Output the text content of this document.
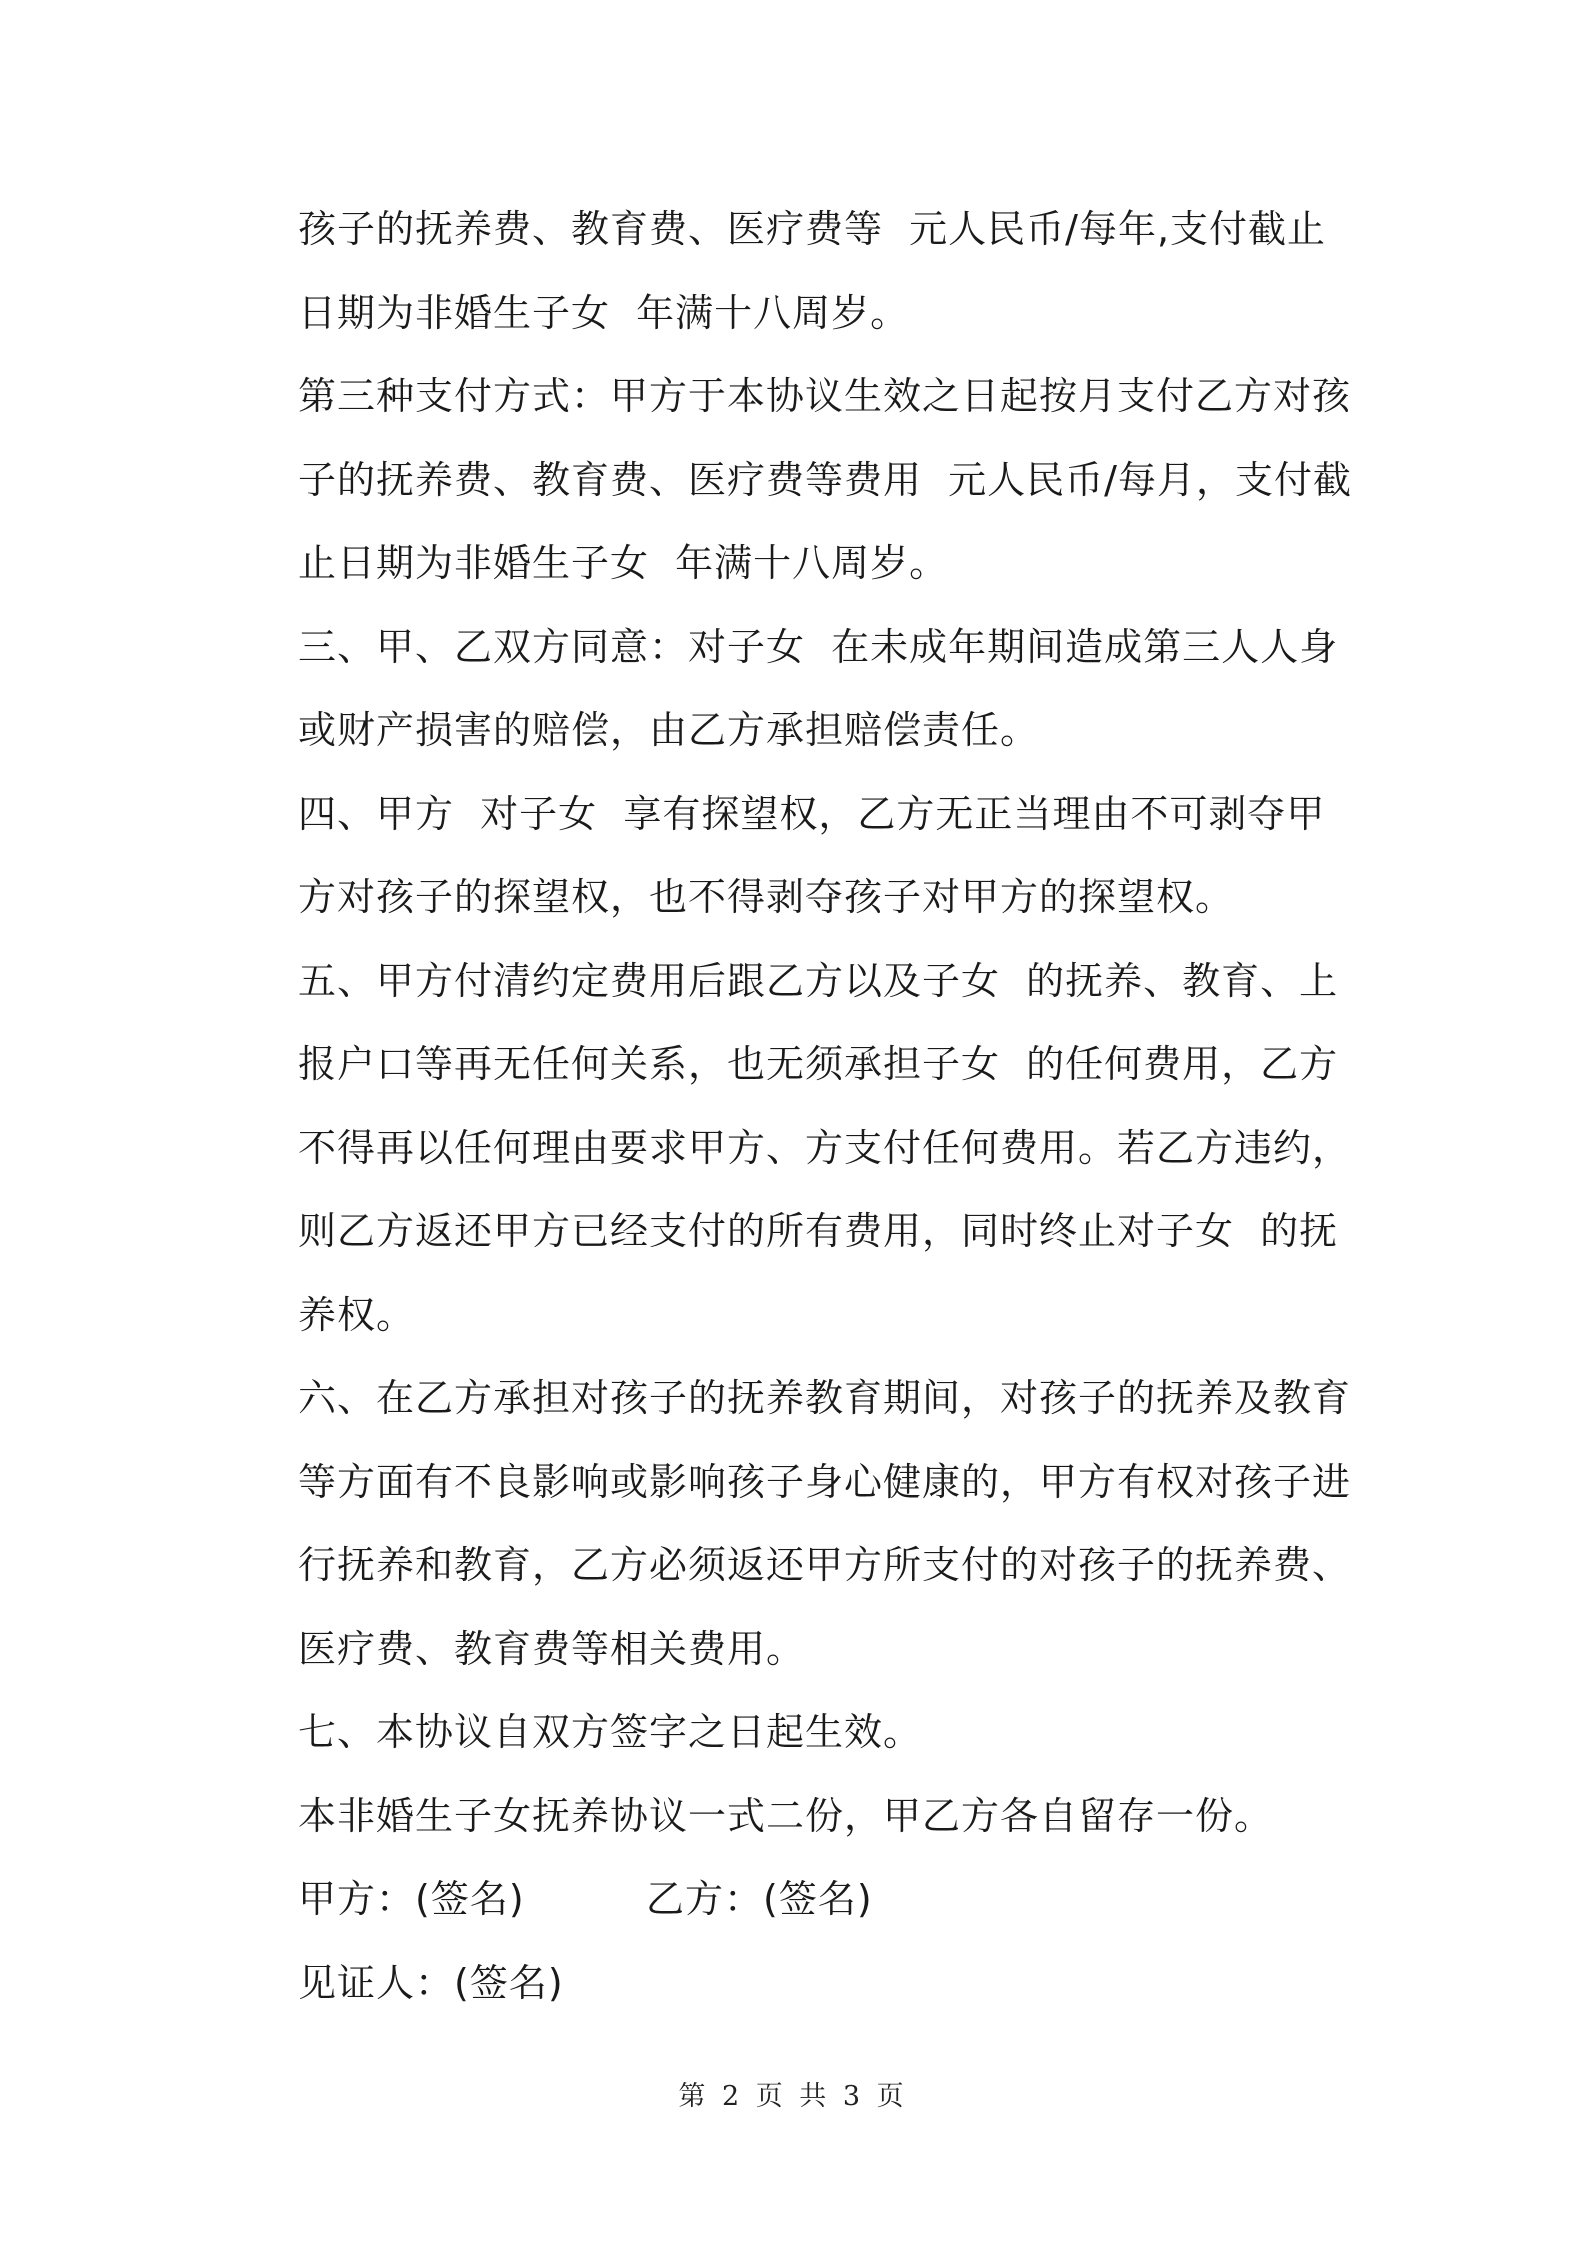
孩子的抚养费、教育费、医疗费等  元人民币/每年,支付截止日期为非婚生子女  年满十八周岁。

第三种支付方式：甲方于本协议生效之日起按月支付乙方对孩子的抚养费、教育费、医疗费等费用  元人民币/每月，支付截止日期为非婚生子女  年满十八周岁。

三、甲、乙双方同意：对子女  在未成年期间造成第三人人身或财产损害的赔偿，由乙方承担赔偿责任。

四、甲方  对子女  享有探望权，乙方无正当理由不可剥夺甲方对孩子的探望权，也不得剥夺孩子对甲方的探望权。

五、甲方付清约定费用后跟乙方以及子女  的抚养、教育、上报户口等再无任何关系，也无须承担子女  的任何费用，乙方不得再以任何理由要求甲方、方支付任何费用。若乙方违约，则乙方返还甲方已经支付的所有费用，同时终止对子女  的抚养权。

六、在乙方承担对孩子的抚养教育期间，对孩子的抚养及教育等方面有不良影响或影响孩子身心健康的，甲方有权对孩子进行抚养和教育，乙方必须返还甲方所支付的对孩子的抚养费、医疗费、教育费等相关费用。

七、本协议自双方签字之日起生效。

本非婚生子女抚养协议一式二份，甲乙方各自留存一份。

甲方：(签名)	乙方：(签名)

见证人：(签名)

第 2 页 共 3 页
